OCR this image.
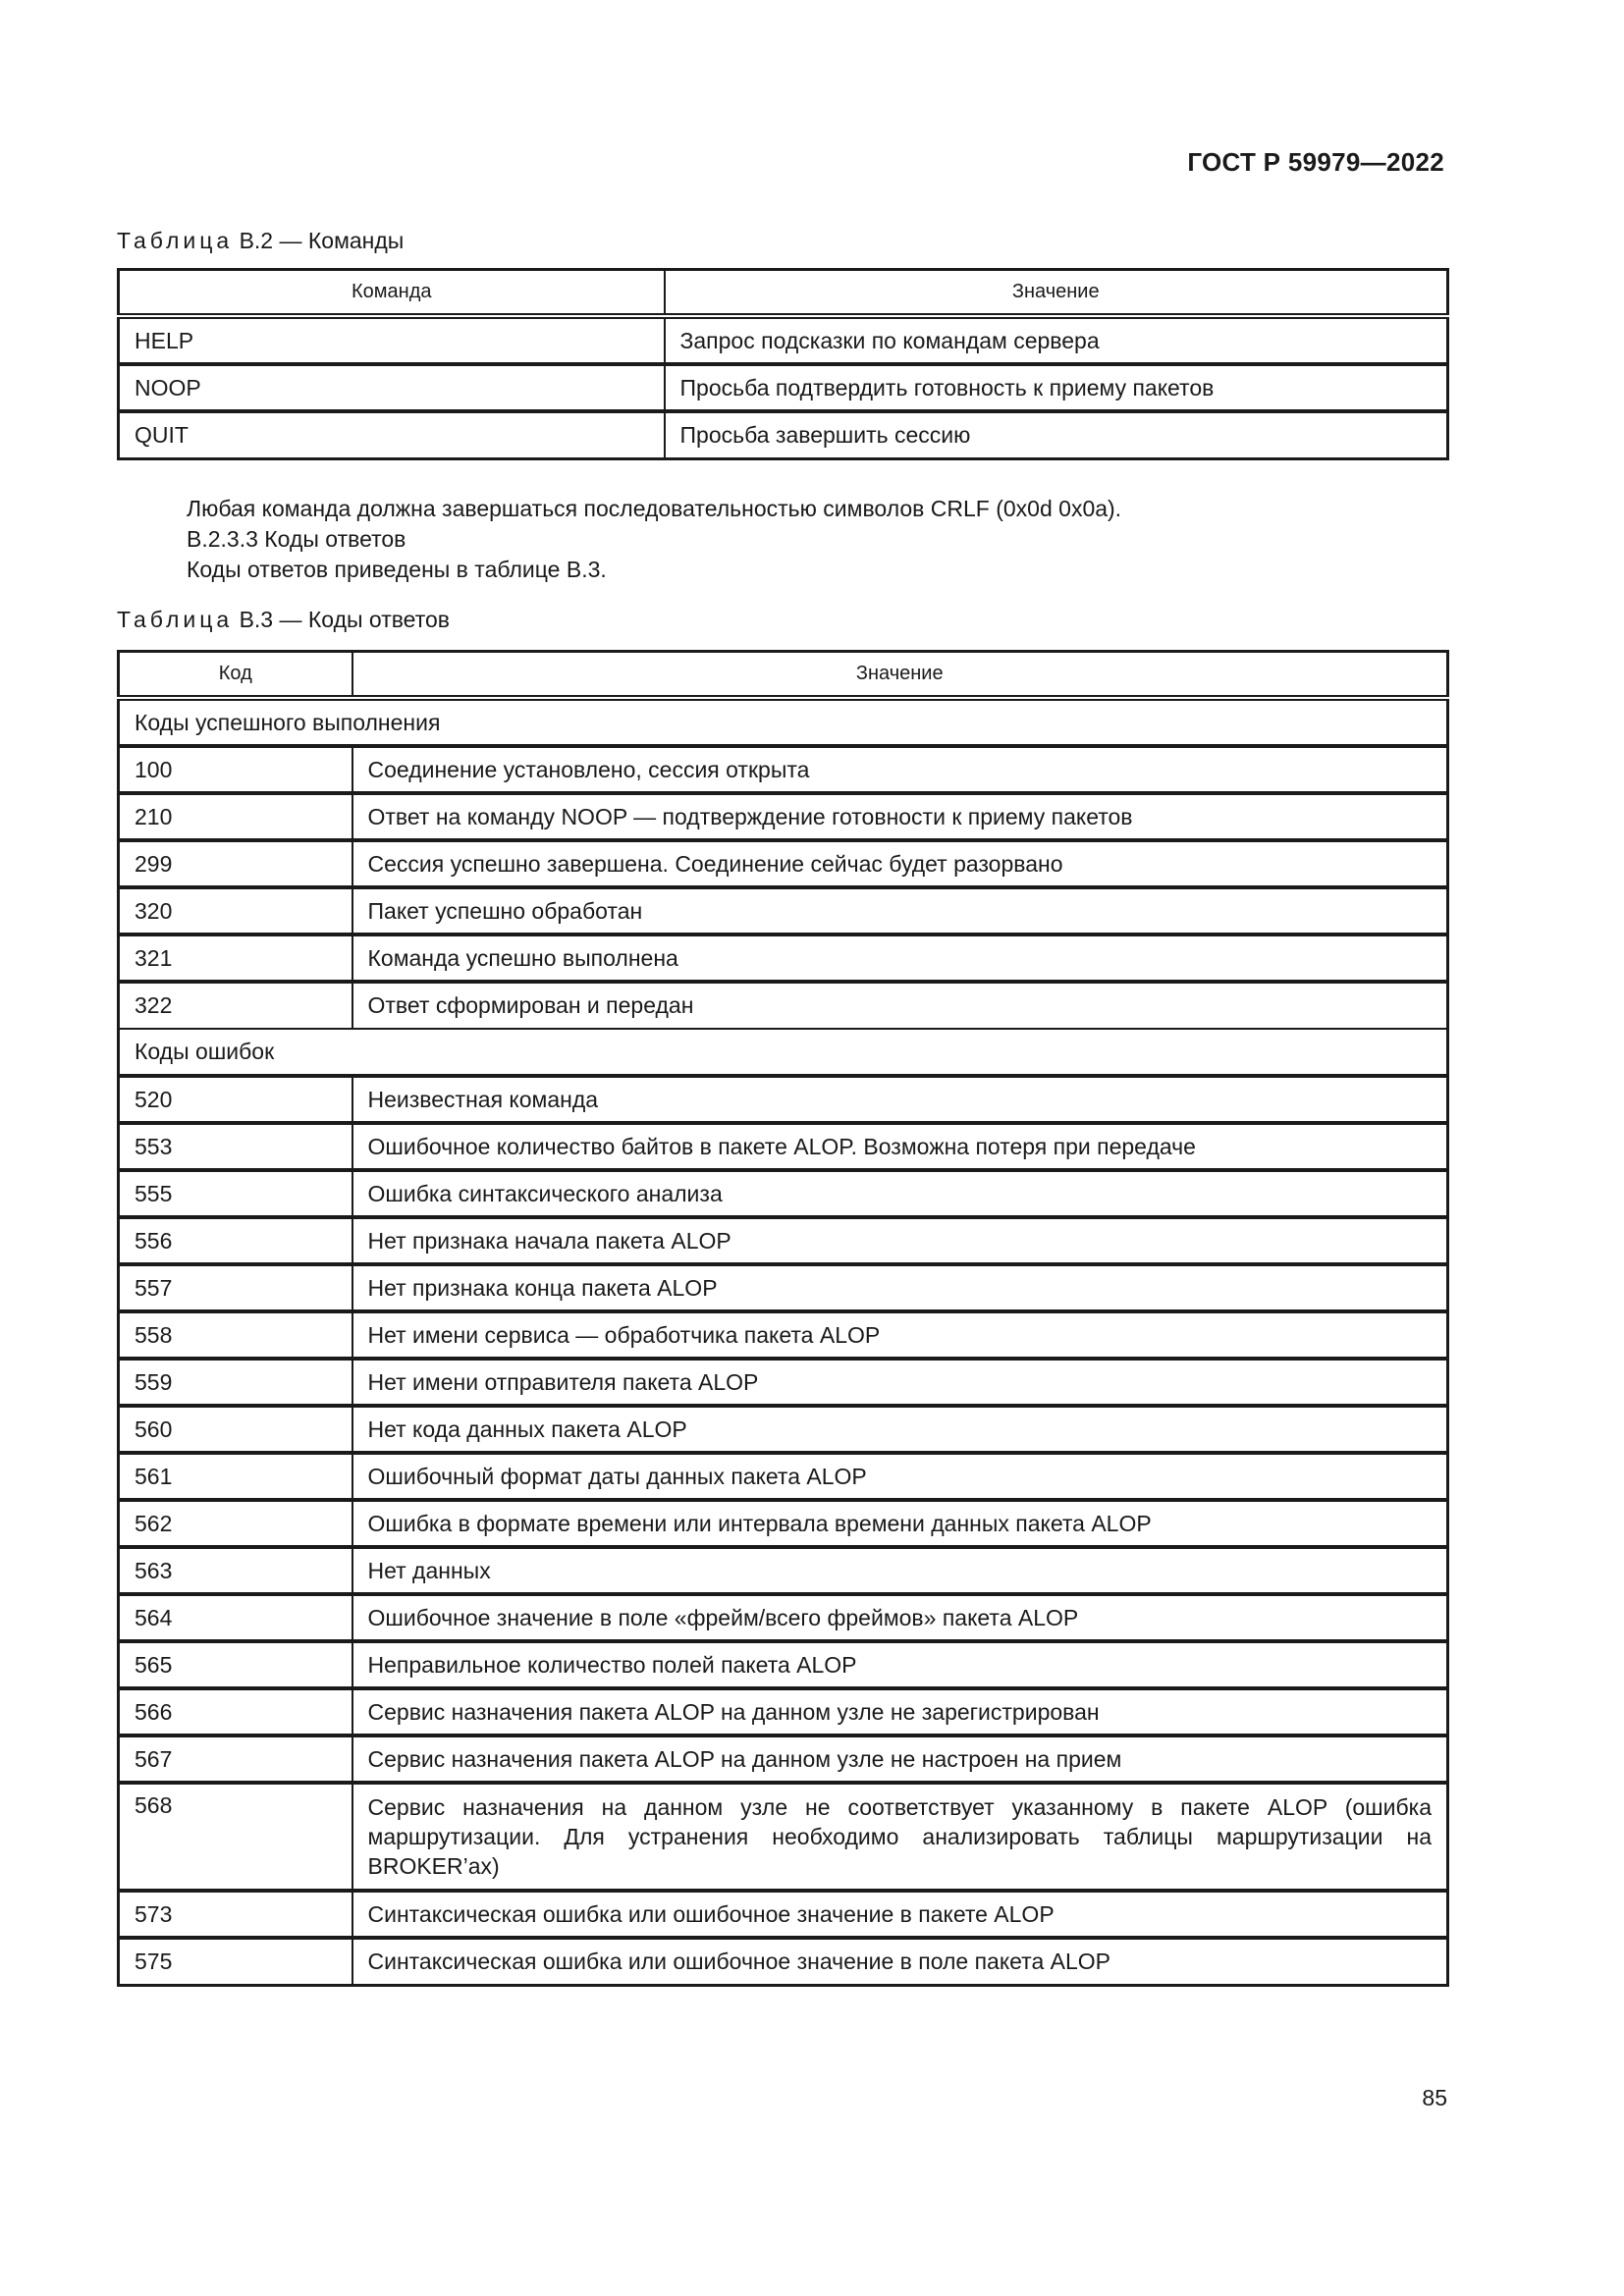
ГОСТ Р 59979—2022
Таблица В.2 — Команды
Команда	Значение
HELP	Запрос подсказки по командам сервера
NOOP	Просьба подтвердить готовность к приему пакетов
QUIT	Просьба завершить сессию
Любая команда должна завершаться последовательностью символов CRLF (0x0d 0x0a).
В.2.3.3 Коды ответов
Коды ответов приведены в таблице В.3.
Таблица В.3 — Коды ответов
Код	Значение
Коды успешного выполнения	
100	Соединение установлено, сессия открыта
210	Ответ на команду NOOP — подтверждение готовности к приему пакетов
299	Сессия успешно завершена. Соединение сейчас будет разорвано
320	Пакет успешно обработан
321	Команда успешно выполнена
322	Ответ сформирован и передан
Коды ошибок	
520	Неизвестная команда
553	Ошибочное количество байтов в пакете ALOP. Возможна потеря при передаче
555	Ошибка синтаксического анализа
556	Нет признака начала пакета ALOP
557	Нет признака конца пакета ALOP
558	Нет имени сервиса — обработчика пакета ALOP
559	Нет имени отправителя пакета ALOP
560	Нет кода данных пакета ALOP
561	Ошибочный формат даты данных пакета ALOP
562	Ошибка в формате времени или интервала времени данных пакета ALOP
563	Нет данных
564	Ошибочное значение в поле «фрейм/всего фреймов» пакета ALOP
565	Неправильное количество полей пакета ALOP
566	Сервис назначения пакета ALOP на данном узле не зарегистрирован
567	Сервис назначения пакета ALOP на данном узле не настроен на прием
568	Сервис назначения на данном узле не соответствует указанному в пакете ALOP (ошибка маршрутизации. Для устранения необходимо анализировать таблицы маршрутизации на BROKER’ах)
573	Синтаксическая ошибка или ошибочное значение в пакете ALOP
575	Синтаксическая ошибка или ошибочное значение в поле пакета ALOP
85
